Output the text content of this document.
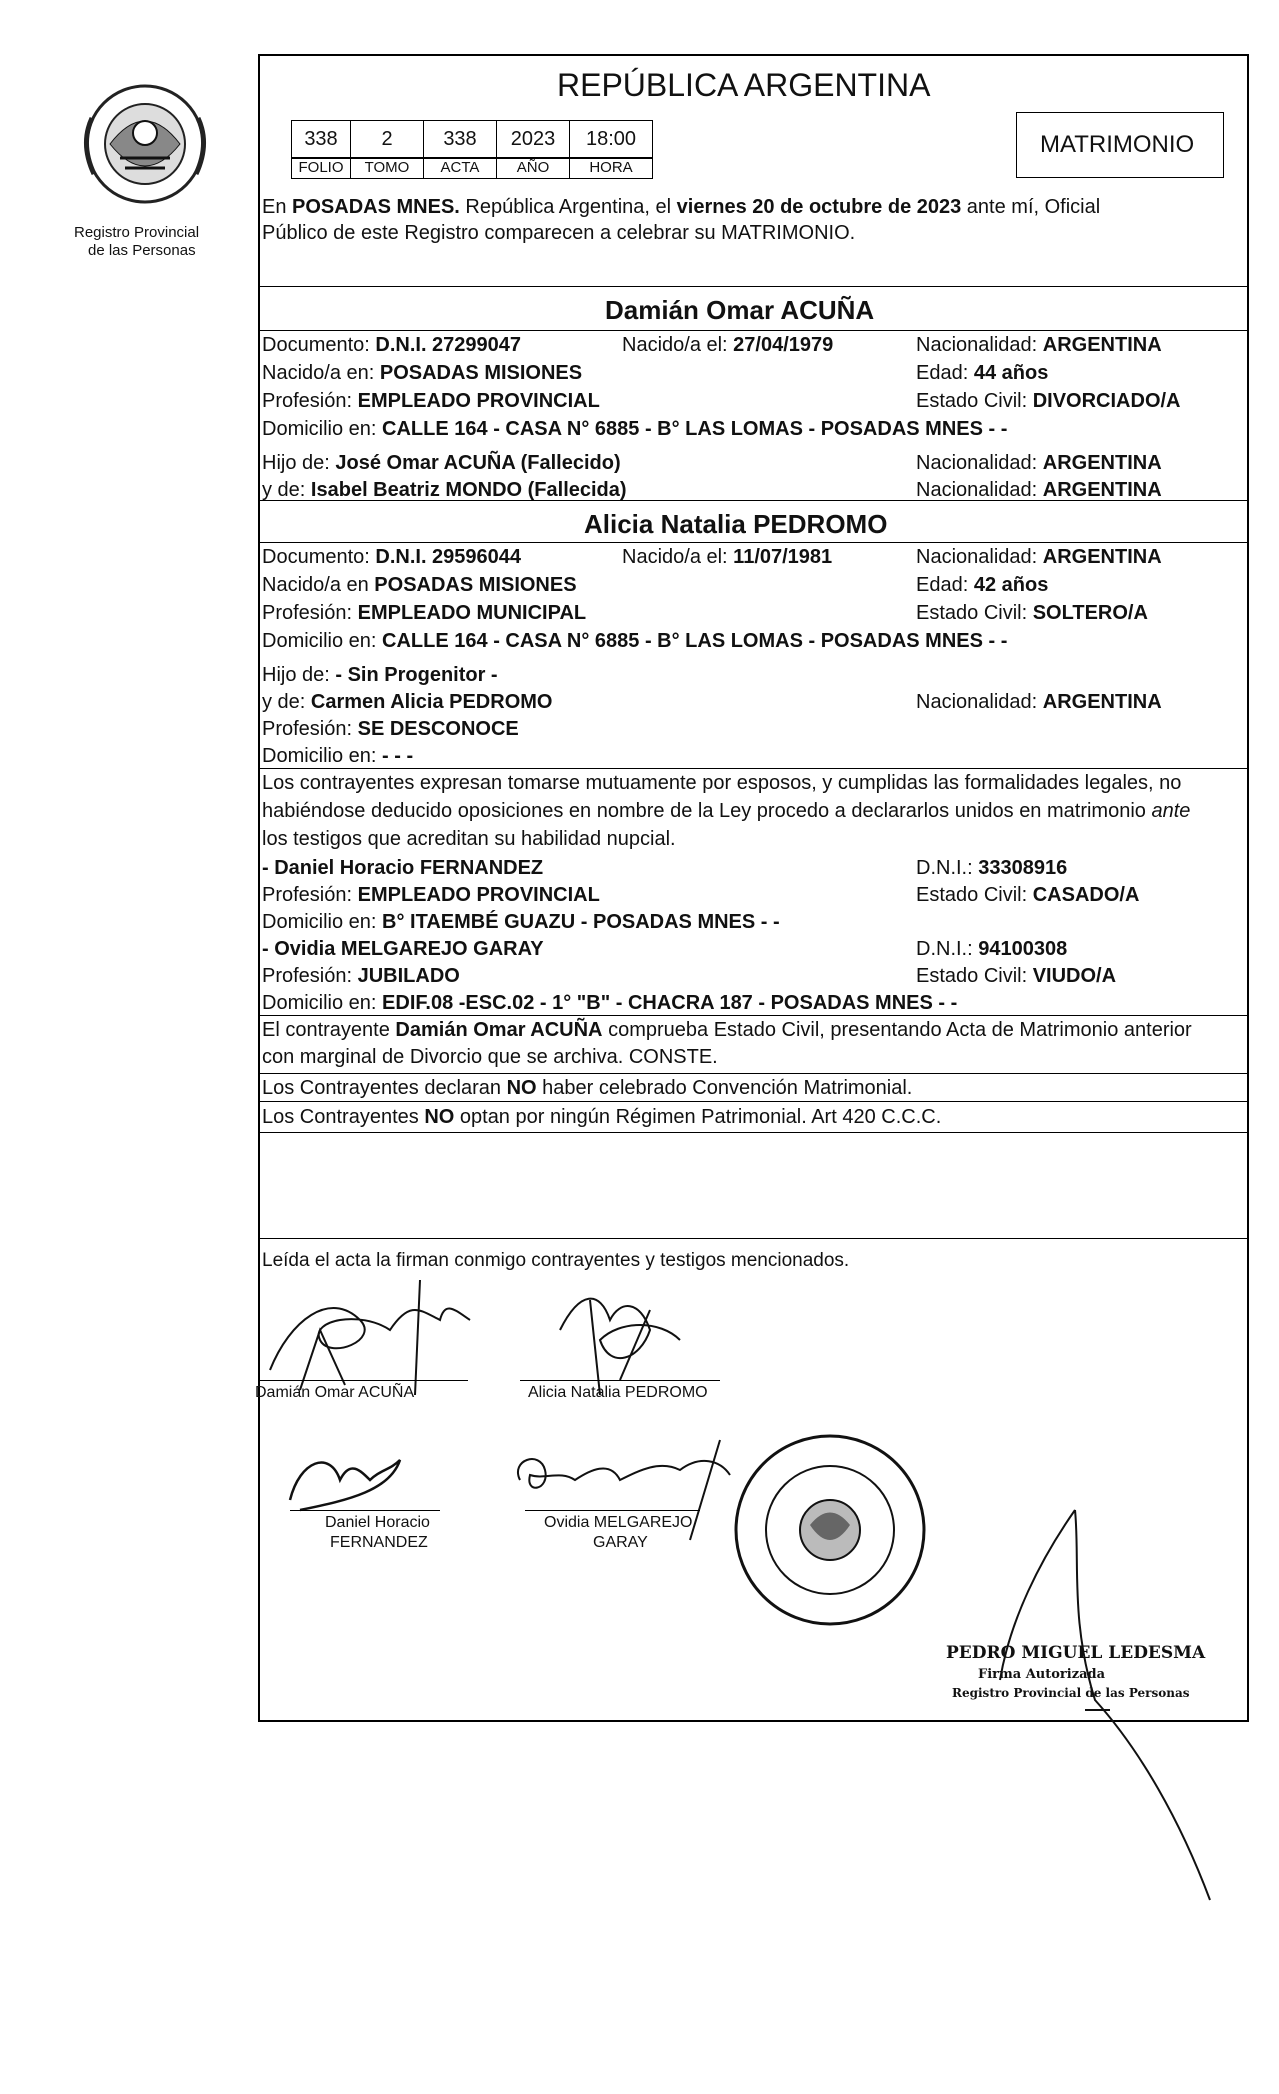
Registro Provincial
de las Personas
REPÚBLICA ARGENTINA
338	2	338	2023	18:00
FOLIO	TOMO	ACTA	AÑO	HORA
MATRIMONIO
En POSADAS MNES. República Argentina, el viernes 20 de octubre de 2023 ante mí, Oficial
Público de este Registro comparecen a celebrar su MATRIMONIO.
Damián Omar ACUÑA
Documento: D.N.I. 27299047	Nacido/a el: 27/04/1979	Nacionalidad: ARGENTINA
Nacido/a en: POSADAS MISIONES	Edad: 44 años
Profesión: EMPLEADO PROVINCIAL	Estado Civil: DIVORCIADO/A
Domicilio en: CALLE 164 - CASA N° 6885 - B° LAS LOMAS - POSADAS MNES - -
Hijo de: José Omar ACUÑA (Fallecido)	Nacionalidad: ARGENTINA
y de: Isabel Beatriz MONDO (Fallecida)	Nacionalidad: ARGENTINA
Alicia Natalia PEDROMO
Documento: D.N.I. 29596044	Nacido/a el: 11/07/1981	Nacionalidad: ARGENTINA
Nacido/a en POSADAS MISIONES	Edad: 42 años
Profesión: EMPLEADO MUNICIPAL	Estado Civil: SOLTERO/A
Domicilio en: CALLE 164 - CASA N° 6885 - B° LAS LOMAS - POSADAS MNES - -
Hijo de: - Sin Progenitor -
y de: Carmen Alicia PEDROMO	Nacionalidad: ARGENTINA
Profesión: SE DESCONOCE
Domicilio en: - - -
Los contrayentes expresan tomarse mutuamente por esposos, y cumplidas las formalidades legales, no
habiéndose deducido oposiciones en nombre de la Ley procedo a declararlos unidos en matrimonio ante
los testigos que acreditan su habilidad nupcial.
- Daniel Horacio FERNANDEZ	D.N.I.: 33308916
Profesión: EMPLEADO PROVINCIAL	Estado Civil: CASADO/A
Domicilio en: B° ITAEMBÉ GUAZU - POSADAS MNES - -
- Ovidia MELGAREJO GARAY	D.N.I.: 94100308
Profesión: JUBILADO	Estado Civil: VIUDO/A
Domicilio en: EDIF.08 -ESC.02 - 1° "B" - CHACRA 187 - POSADAS MNES - -
El contrayente Damián Omar ACUÑA comprueba Estado Civil, presentando Acta de Matrimonio anterior
con marginal de Divorcio que se archiva. CONSTE.
Los Contrayentes declaran NO haber celebrado Convención Matrimonial.
Los Contrayentes NO optan por ningún Régimen Patrimonial. Art 420 C.C.C.
Leída el acta la firman conmigo contrayentes y testigos mencionados.
Damián Omar ACUÑA	Alicia Natalia PEDROMO
Daniel Horacio
FERNANDEZ
Ovidia MELGAREJO
GARAY
PEDRO MIGUEL LEDESMA
Firma Autorizada
Registro Provincial de las Personas
